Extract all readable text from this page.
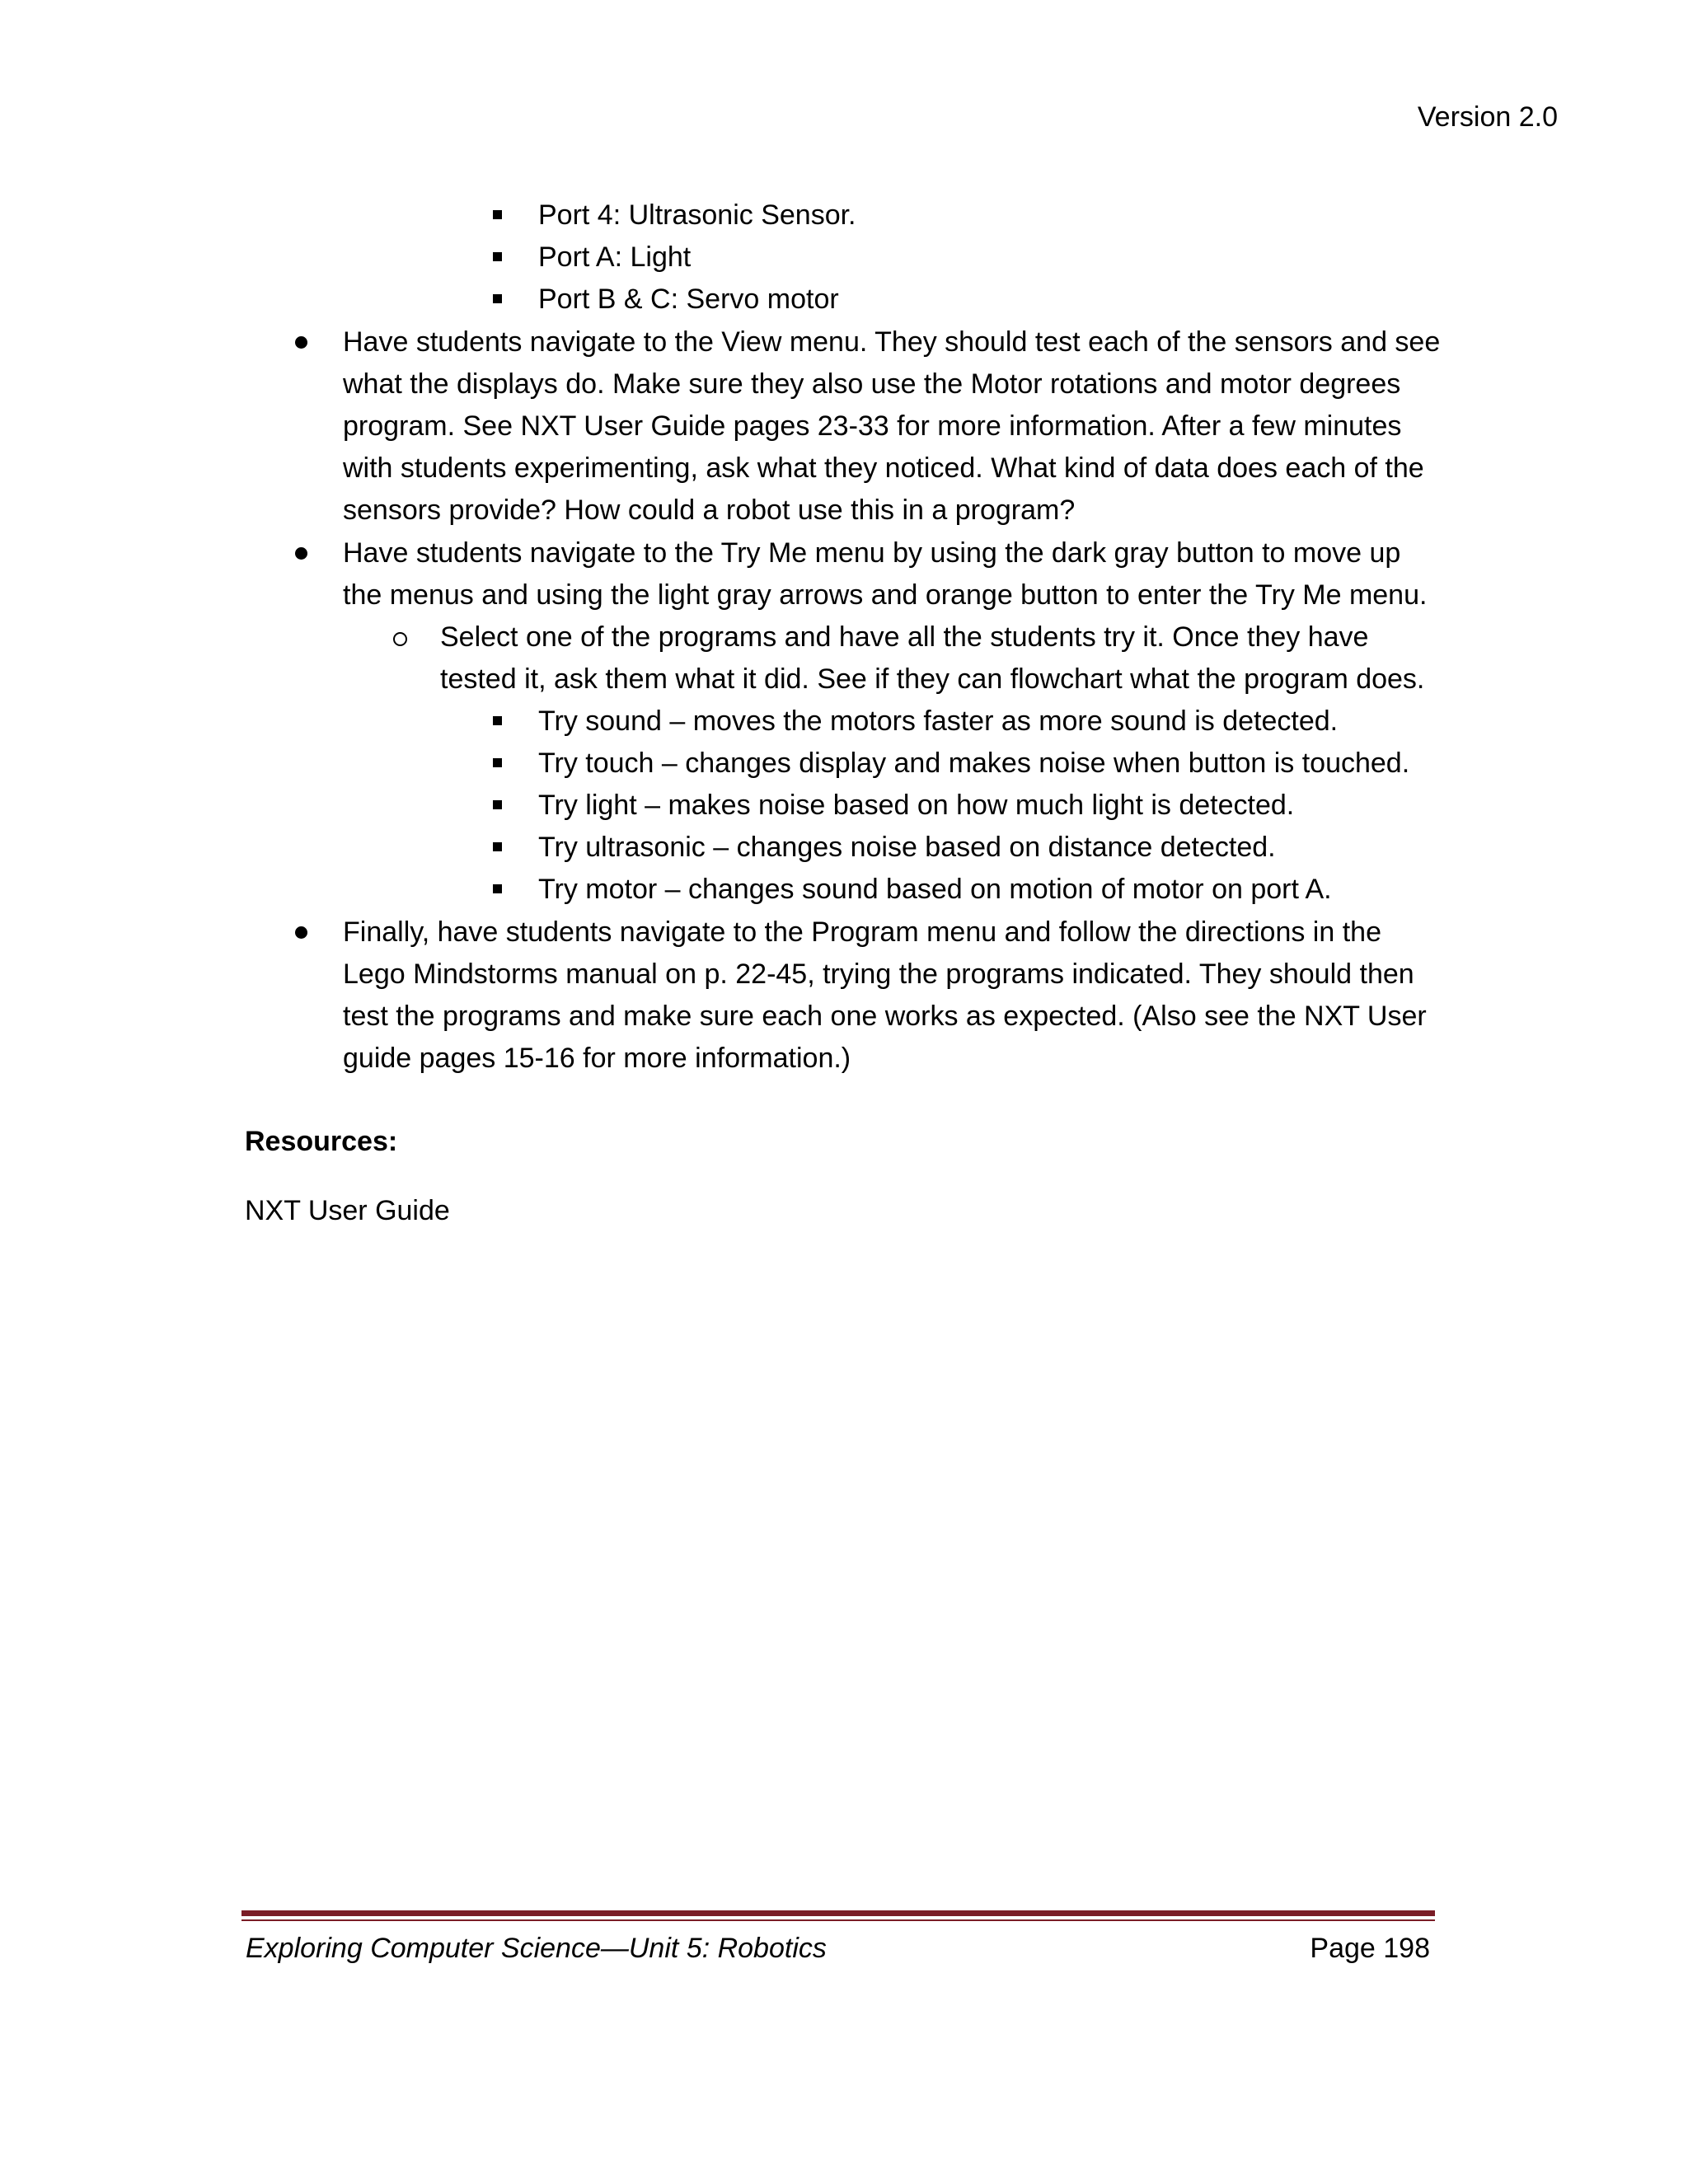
Version 2.0
Port 4: Ultrasonic Sensor.
Port A: Light
Port B & C: Servo motor
Have students navigate to the View menu. They should test each of the sensors and see
what the displays do. Make sure they also use the Motor rotations and motor degrees
program. See NXT User Guide pages 23-33 for more information. After a few minutes
with students experimenting, ask what they noticed. What kind of data does each of the
sensors provide? How could a robot use this in a program?
Have students navigate to the Try Me menu by using the dark gray button to move up
the menus and using the light gray arrows and orange button to enter the Try Me menu.
Select one of the programs and have all the students try it. Once they have
tested it, ask them what it did. See if they can flowchart what the program does.
Try sound – moves the motors faster as more sound is detected.
Try touch – changes display and makes noise when button is touched.
Try light – makes noise based on how much light is detected.
Try ultrasonic – changes noise based on distance detected.
Try motor – changes sound based on motion of motor on port A.
Finally, have students navigate to the Program menu and follow the directions in the
Lego Mindstorms manual on p. 22-45, trying the programs indicated. They should then
test the programs and make sure each one works as expected. (Also see the NXT User
guide pages 15-16 for more information.)
Resources:
NXT User Guide
Exploring Computer Science—Unit 5: Robotics	Page 198
